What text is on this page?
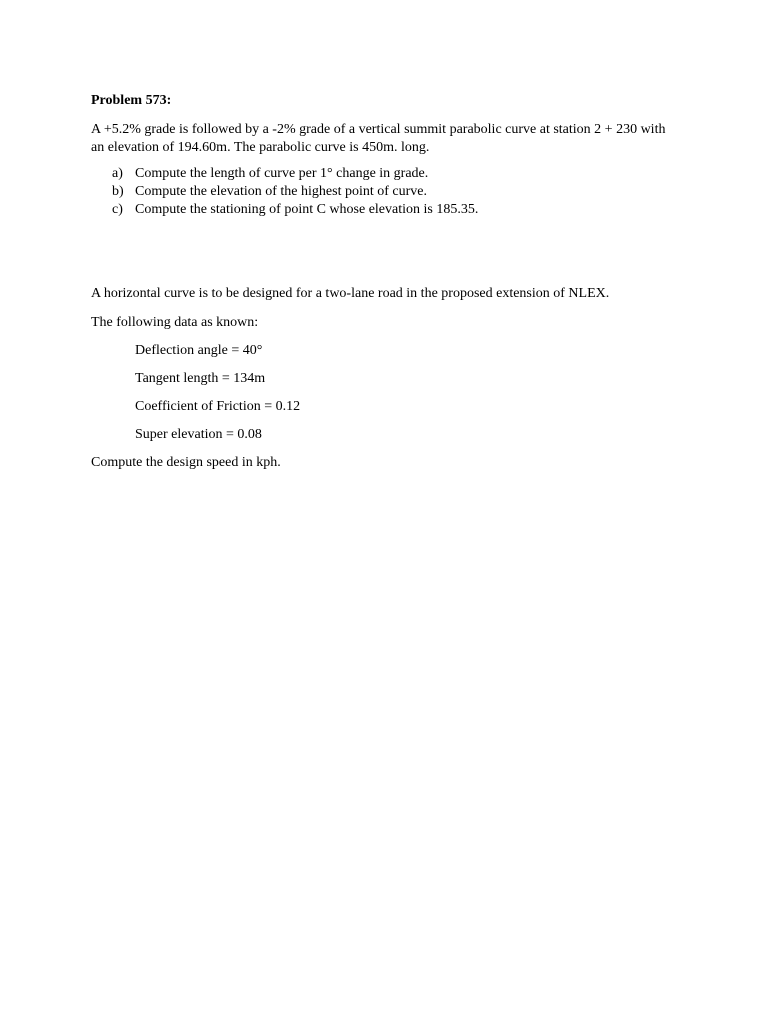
Problem 573:

A +5.2% grade is followed by a -2% grade of a vertical summit parabolic curve at station 2 + 230 with an elevation of 194.60m. The parabolic curve is 450m. long.

a) Compute the length of curve per 1° change in grade.
b) Compute the elevation of the highest point of curve.
c) Compute the stationing of point C whose elevation is 185.35.

A horizontal curve is to be designed for a two-lane road in the proposed extension of NLEX.

The following data as known:

Deflection angle = 40°

Tangent length = 134m

Coefficient of Friction = 0.12

Super elevation = 0.08

Compute the design speed in kph.
